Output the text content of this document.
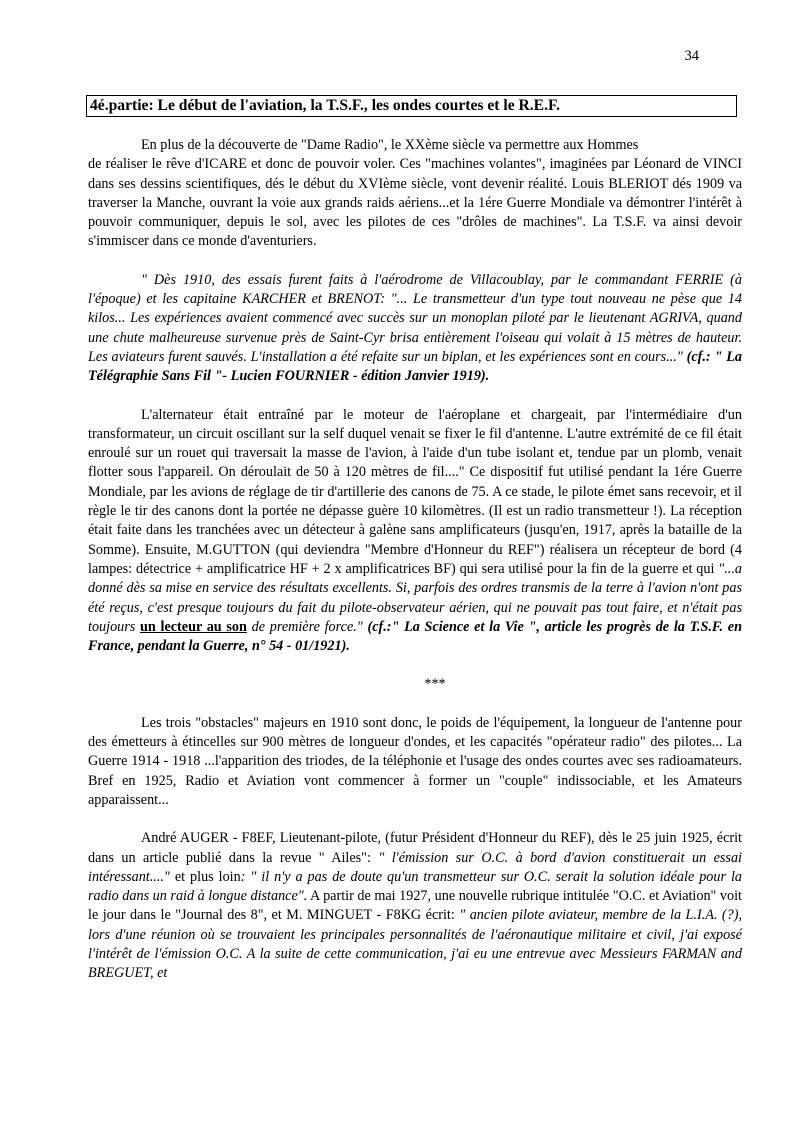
34
4é.partie: Le début de l'aviation, la T.S.F., les ondes courtes et le R.E.F.

En plus de la découverte de "Dame Radio", le XXème siècle va permettre aux Hommes

de réaliser le rêve d'ICARE et donc de pouvoir voler. Ces "machines volantes", imaginées par Léonard de VINCI dans ses dessins scientifiques, dés le début du XVIème siècle, vont devenir réalité. Louis BLERIOT dés 1909 va traverser la Manche, ouvrant la voie aux grands raids aériens...et la 1ére Guerre Mondiale va démontrer l'intérêt à pouvoir communiquer, depuis le sol, avec les pilotes de ces "drôles de machines". La T.S.F. va ainsi devoir s'immiscer dans ce monde d'aventuriers.

" Dès 1910, des essais furent faits à l'aérodrome de Villacoublay, par le commandant FERRIE (à l'époque) et les capitaine KARCHER et BRENOT: "... Le transmetteur d'un type tout nouveau ne pèse que 14 kilos... Les expériences avaient commencé avec succès sur un monoplan piloté par le lieutenant AGRIVA, quand une chute malheureuse survenue près de Saint-Cyr brisa entièrement l'oiseau qui volait à 15 mètres de hauteur. Les aviateurs furent sauvés. L'installation a été refaite sur un biplan, et les expériences sont en cours..." (cf.: " La Télégraphie Sans Fil "- Lucien FOURNIER - édition Janvier 1919).

L'alternateur était entraîné par le moteur de l'aéroplane et chargeait, par l'intermédiaire d'un transformateur, un circuit oscillant sur la self duquel venait se fixer le fil d'antenne. L'autre extrémité de ce fil était enroulé sur un rouet qui traversait la masse de l'avion, à l'aide d'un tube isolant et, tendue par un plomb, venait flotter sous l'appareil. On déroulait de 50 à 120 mètres de fil...." Ce dispositif fut utilisé pendant la 1ére Guerre Mondiale, par les avions de réglage de tir d'artillerie des canons de 75. A ce stade, le pilote émet sans recevoir, et il règle le tir des canons dont la portée ne dépasse guère 10 kilomètres. (Il est un radio transmetteur !). La réception était faite dans les tranchées avec un détecteur à galène sans amplificateurs (jusqu'en, 1917, après la bataille de la Somme). Ensuite, M.GUTTON (qui deviendra "Membre d'Honneur du REF") réalisera un récepteur de bord (4 lampes: détectrice + amplificatrice HF + 2 x amplificatrices BF) qui sera utilisé pour la fin de la guerre et qui "...a donné dès sa mise en service des résultats excellents. Si, parfois des ordres transmis de la terre à l'avion n'ont pas été reçus, c'est presque toujours du fait du pilote-observateur aérien, qui ne pouvait pas tout faire, et n'était pas toujours un lecteur au son de première force." (cf.:" La Science et la Vie ", article les progrès de la T.S.F. en France, pendant la Guerre, n° 54 - 01/1921).

***

Les trois "obstacles" majeurs en 1910 sont donc, le poids de l'équipement, la longueur de l'antenne pour des émetteurs à étincelles sur 900 mètres de longueur d'ondes, et les capacités "opérateur radio" des pilotes... La Guerre 1914 - 1918 ...l'apparition des triodes, de la téléphonie et l'usage des ondes courtes avec ses radioamateurs. Bref en 1925, Radio et Aviation vont commencer à former un "couple" indissociable, et les Amateurs apparaissent...

André AUGER - F8EF, Lieutenant-pilote, (futur Président d'Honneur du REF), dès le 25 juin 1925, écrit dans un article publié dans la revue " Ailes": " l'émission sur O.C. à bord d'avion constituerait un essai intéressant...." et plus loin: " il n'y a pas de doute qu'un transmetteur sur O.C. serait la solution idéale pour la radio dans un raid à longue distance". A partir de mai 1927, une nouvelle rubrique intitulée "O.C. et Aviation" voit le jour dans le "Journal des 8", et M. MINGUET - F8KG écrit: " ancien pilote aviateur, membre de la L.I.A. (?), lors d'une réunion où se trouvaient les principales personnalités de l'aéronautique militaire et civil, j'ai exposé l'intérêt de l'émission O.C. A la suite de cette communication, j'ai eu une entrevue avec Messieurs FARMAN and BREGUET, et
